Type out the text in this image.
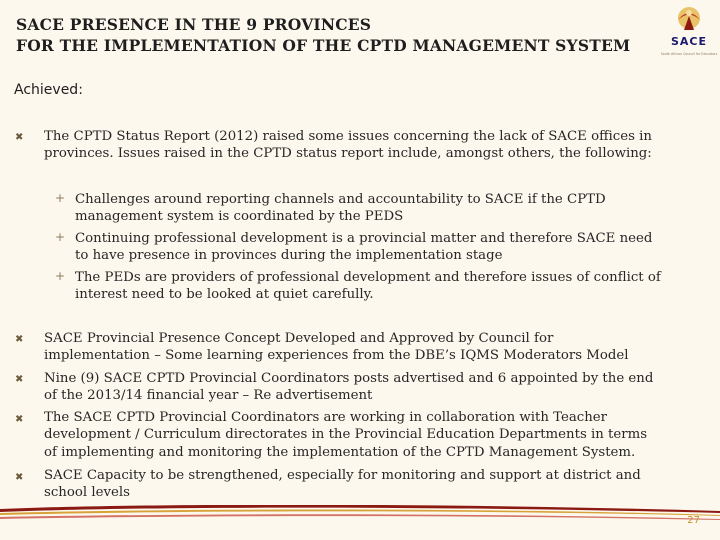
SACE PRESENCE IN THE 9 PROVINCES
FOR THE IMPLEMENTATION OF THE CPTD MANAGEMENT SYSTEM	SACE
South African Council for Educators
Achieved:
✖ The CPTD Status Report (2012) raised some issues concerning the lack of SACE offices in
provinces. Issues raised in the CPTD status report include, amongst others, the following:
+ Challenges around reporting channels and accountability to SACE if the CPTD
management system is coordinated by the PEDS
+ Continuing professional development is a provincial matter and therefore SACE need
to have presence in provinces during the implementation stage
+ The PEDs are providers of professional development and therefore issues of conflict of
interest need to be looked at quiet carefully.
✖ SACE Provincial Presence Concept Developed and Approved by Council for
implementation – Some learning experiences from the DBE’s IQMS Moderators Model
✖ Nine (9) SACE CPTD Provincial Coordinators posts advertised and 6 appointed by the end
of the 2013/14 financial year – Re advertisement
✖ The SACE CPTD Provincial Coordinators are working in collaboration with Teacher
development / Curriculum directorates in the Provincial Education Departments in terms
of implementing and monitoring the implementation of the CPTD Management System.
✖ SACE Capacity to be strengthened, especially for monitoring and support at district and
school levels
27
